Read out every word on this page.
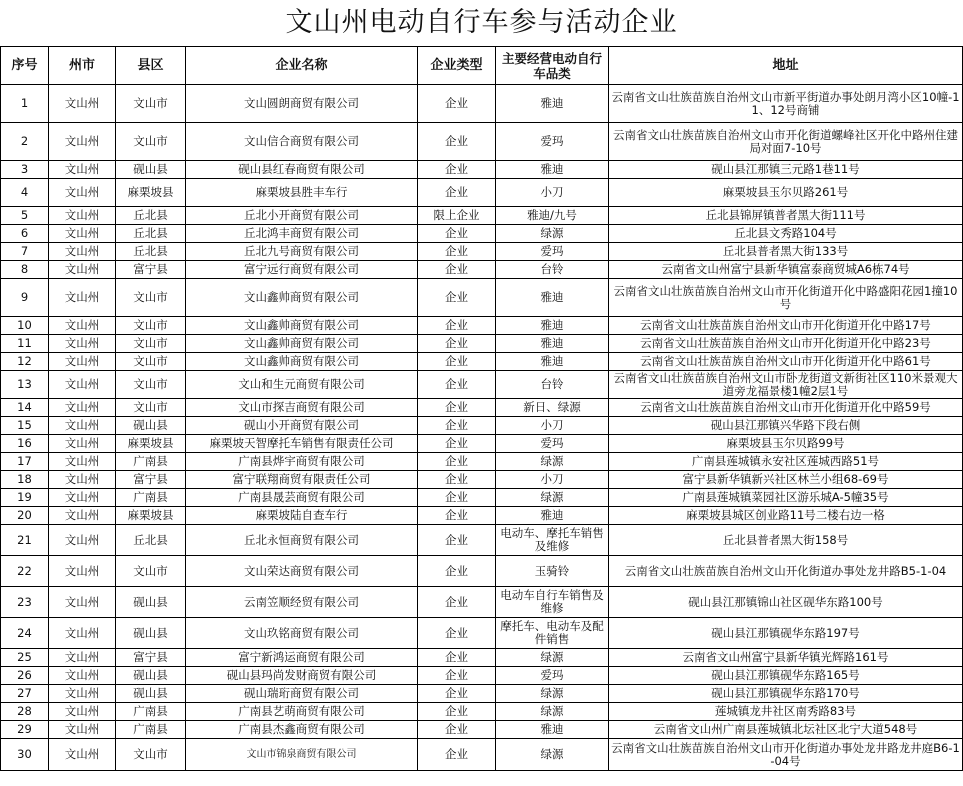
文山州电动自行车参与活动企业
序号	州市	县区	企业名称	企业类型	主要经营电动自行车品类	地址
1	文山州	文山市	文山圆朗商贸有限公司	企业	雅迪	云南省文山壮族苗族自治州文山市新平街道办事处朗月湾小区10幢-11、12号商铺
2	文山州	文山市	文山信合商贸有限公司	企业	爱玛	云南省文山壮族苗族自治州文山市开化街道螺峰社区开化中路州住建局对面7-10号
3	文山州	砚山县	砚山县红春商贸有限公司	企业	雅迪	砚山县江那镇三元路1巷11号
4	文山州	麻栗坡县	麻栗坡县胜丰车行	企业	小刀	麻栗坡县玉尔贝路261号
5	文山州	丘北县	丘北小开商贸有限公司	限上企业	雅迪/九号	丘北县锦屏镇普者黑大街111号
6	文山州	丘北县	丘北鸿丰商贸有限公司	企业	绿源	丘北县文秀路104号
7	文山州	丘北县	丘北九号商贸有限公司	企业	爱玛	丘北县普者黑大街133号
8	文山州	富宁县	富宁远行商贸有限公司	企业	台铃	云南省文山州富宁县新华镇富泰商贸城A6栋74号
9	文山州	文山市	文山鑫帅商贸有限公司	企业	雅迪	云南省文山壮族苗族自治州文山市开化街道开化中路盛阳花园1撞10号
10	文山州	文山市	文山鑫帅商贸有限公司	企业	雅迪	云南省文山壮族苗族自治州文山市开化街道开化中路17号
11	文山州	文山市	文山鑫帅商贸有限公司	企业	雅迪	云南省文山壮族苗族自治州文山市开化街道开化中路23号
12	文山州	文山市	文山鑫帅商贸有限公司	企业	雅迪	云南省文山壮族苗族自治州文山市开化街道开化中路61号
13	文山州	文山市	文山和生元商贸有限公司	企业	台铃	云南省文山壮族苗族自治州文山市卧龙街道文新街社区110米景观大道旁龙福景楼1幢2层1号
14	文山州	文山市	文山市探吉商贸有限公司	企业	新日、绿源	云南省文山壮族苗族自治州文山市开化街道开化中路59号
15	文山州	砚山县	砚山小开商贸有限公司	企业	小刀	砚山县江那镇兴华路下段右侧
16	文山州	麻栗坡县	麻栗坡天智摩托车销售有限责任公司	企业	爱玛	麻栗坡县玉尔贝路99号
17	文山州	广南县	广南县烨宇商贸有限公司	企业	绿源	广南县莲城镇永安社区莲城西路51号
18	文山州	富宁县	富宁联翔商贸有限责任公司	企业	小刀	富宁县新华镇新兴社区林兰小组68-69号
19	文山州	广南县	广南县晟芸商贸有限公司	企业	绿源	广南县莲城镇菜园社区游乐城A-5幢35号
20	文山州	麻栗坡县	麻栗坡陆自查车行	企业	雅迪	麻栗坡县城区创业路11号二楼右边一格
21	文山州	丘北县	丘北永恒商贸有限公司	企业	电动车、摩托车销售及维修	丘北县普者黑大街158号
22	文山州	文山市	文山荣达商贸有限公司	企业	玉骑铃	云南省文山壮族苗族自治州文山开化街道办事处龙井路B5-1-04
23	文山州	砚山县	云南笠顺经贸有限公司	企业	电动车自行车销售及维修	砚山县江那镇锦山社区砚华东路100号
24	文山州	砚山县	文山玖铭商贸有限公司	企业	摩托车、电动车及配件销售	砚山县江那镇砚华东路197号
25	文山州	富宁县	富宁新鸿运商贸有限公司	企业	绿源	云南省文山州富宁县新华镇光辉路161号
26	文山州	砚山县	砚山县玛尚发财商贸有限公司	企业	爱玛	砚山县江那镇砚华东路165号
27	文山州	砚山县	砚山瑞珩商贸有限公司	企业	绿源	砚山县江那镇砚华东路170号
28	文山州	广南县	广南县艺萌商贸有限公司	企业	绿源	莲城镇龙井社区南秀路83号
29	文山州	广南县	广南县杰鑫商贸有限公司	企业	雅迪	云南省文山州广南县莲城镇北坛社区北宁大道548号
30	文山州	文山市	文山市锦泉商贸有限公司	企业	绿源	云南省文山壮族苗族自治州文山市开化街道办事处龙井路龙井庭B6-1-04号
